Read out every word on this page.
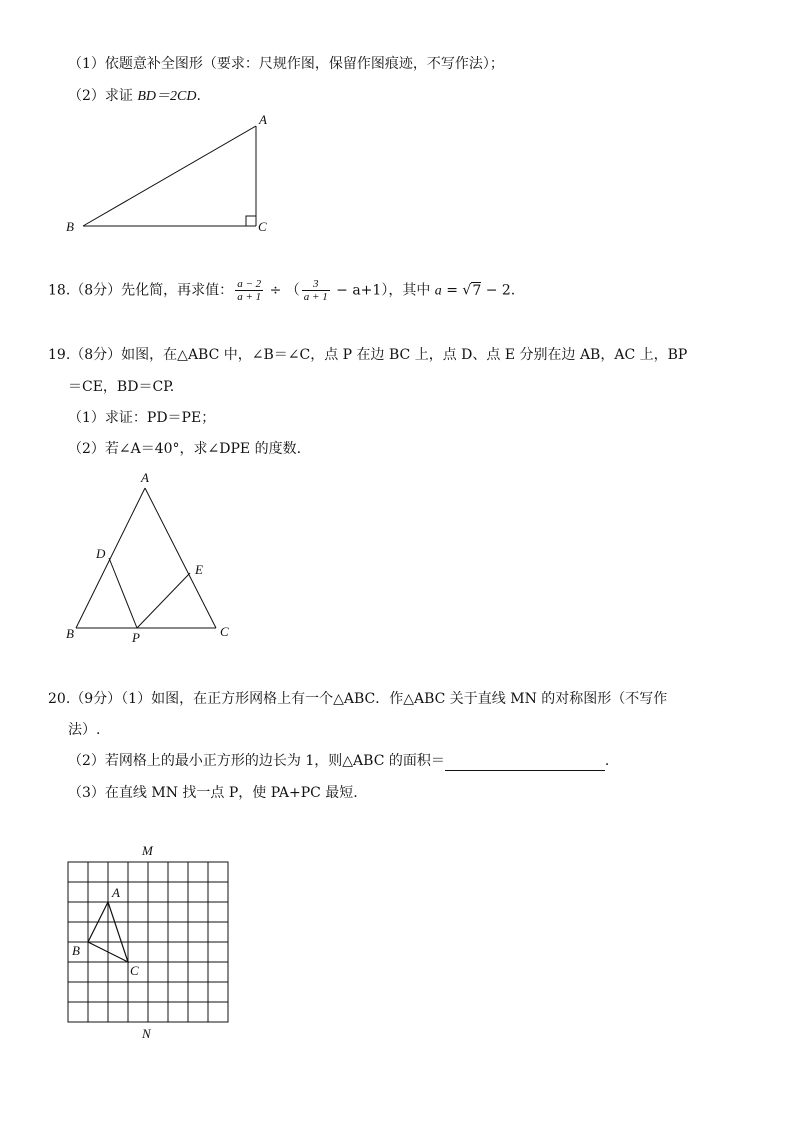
（1）依题意补全图形（要求：尺规作图，保留作图痕迹，不写作法）；
（2）求证 BD＝2CD.
A
B	C
18.（8分）先化简，再求值： $\frac{a - 2}{a + 1}$ ÷ （ $\frac{3}{a + 1} - a+1$），其中 a = √7 − 2.
19.（8分）如图，在△ABC 中，∠B＝∠C，点 P 在边 BC 上，点 D、点 E 分别在边 AB，AC 上，BP
＝CE，BD＝CP.
（1）求证：PD＝PE；
（2）若∠A＝40°，求∠DPE 的度数.
A
B	C
D
E
P
20.（9分）（1）如图，在正方形网格上有一个△ABC．作△ABC 关于直线 MN 的对称图形（不写作
法）.
（2）若网格上的最小正方形的边长为 1，则△ABC 的面积＝	.
（3）在直线 MN 找一点 P，使 PA+PC 最短.
M
N
A
B
C
